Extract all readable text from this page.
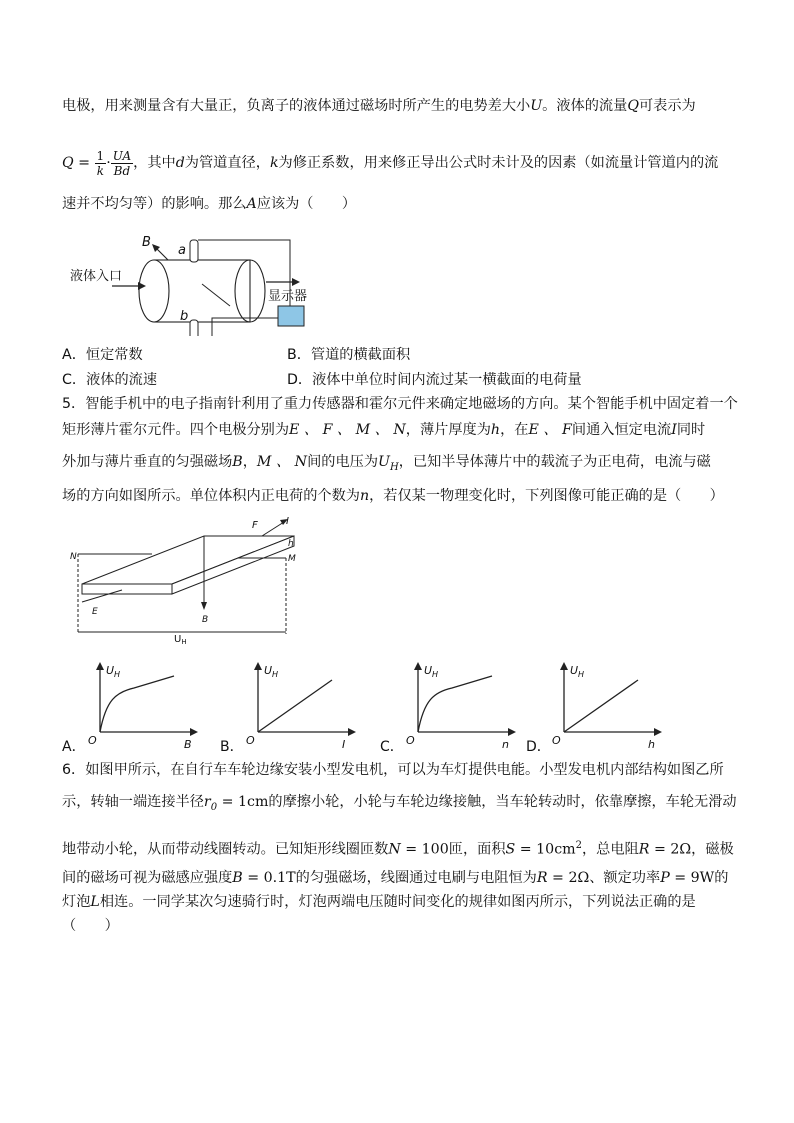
电极，用来测量含有大量正，负离子的液体通过磁场时所产生的电势差大小U。液体的流量Q可表示为
$Q = \frac{1}{k} \cdot \frac{UA}{Bd}$ ，其中d为管道直径，k为修正系数，用来修正导出公式时未计及的因素（如流量计管道内的流
速并不均匀等）的影响。那么A应该为（　　）
液体入口
B
a
b
显示器
A．恒定常数	B．管道的横截面积
C．液体的流速	D．液体中单位时间内流过某一横截面的电荷量
5．智能手机中的电子指南针利用了重力传感器和霍尔元件来确定地磁场的方向。某个智能手机中固定着一个
矩形薄片霍尔元件。四个电极分别为E 、 F 、 M 、 N，薄片厚度为h，在E 、 F间通入恒定电流I同时
外加与薄片垂直的匀强磁场B，M 、 N间的电压为$U_H$，已知半导体薄片中的载流子为正电荷，电流与磁
场的方向如图所示。单位体积内正电荷的个数为n，若仅某一物理变化时，下列图像可能正确的是（　　）
F	I
h
N	M
E
B
$U_H$
A．
U H
B
O	B．
U H
I
O	C．
U H
n
O	D．
U H
h
O
6．如图甲所示，在自行车车轮边缘安装小型发电机，可以为车灯提供电能。小型发电机内部结构如图乙所
示，转轴一端连接半径$r_0 = 1cm$的摩擦小轮，小轮与车轮边缘接触，当车轮转动时，依靠摩擦，车轮无滑动
地带动小轮，从而带动线圈转动。已知矩形线圈匝数N = 100匝，面积$S = 10cm^2$，总电阻R = 2Ω，磁极
间的磁场可视为磁感应强度B = 0.1T的匀强磁场，线圈通过电刷与电阻恒为R = 2Ω、额定功率P = 9W的
灯泡L相连。一同学某次匀速骑行时，灯泡两端电压随时间变化的规律如图丙所示，下列说法正确的是
（　　）
